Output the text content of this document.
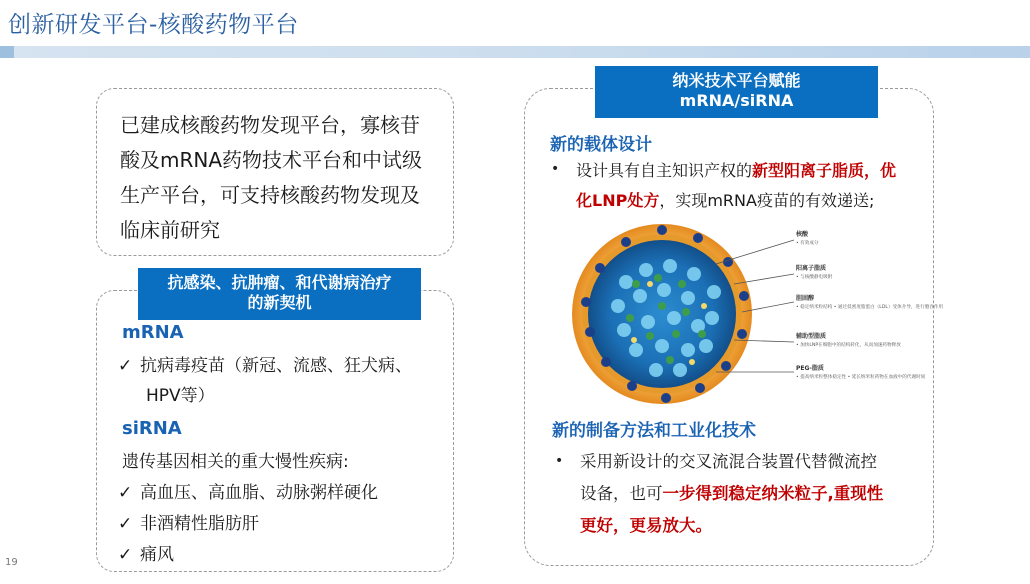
创新研发平台-核酸药物平台
已建成核酸药物发现平台，寡核苷酸及mRNA药物技术平台和中试级生产平台，可支持核酸药物发现及临床前研究
抗感染、抗肿瘤、和代谢病治疗
的新契机
mRNA
✓ 抗病毒疫苗（新冠、流感、狂犬病、
HPV等）
siRNA
遗传基因相关的重大慢性疾病:
✓ 高血压、高血脂、动脉粥样硬化
✓ 非酒精性脂肪肝
✓ 痛风
纳米技术平台赋能
mRNA/siRNA
新的载体设计
• 设计具有自主知识产权的新型阳离子脂质，优
化LNP处方，实现mRNA疫苗的有效递送;
核酸
• 有效成分
阳离子脂质
• 与核酸静电吸附
胆固醇
• 稳定纳米粒结构 • 通过低密度脂蛋白（LDL）受体介导，进行胞吞作用
辅助型脂质
• 加快LNP在细胞中的结构转化，从而加速药物释放
PEG-脂质
• 提高纳米粒整体稳定性 • 延长纳米粒药物在血液中的代谢时间
新的制备方法和工业化技术
• 采用新设计的交叉流混合装置代替微流控
设备，也可一步得到稳定纳米粒子,重现性
更好，更易放大。
19
